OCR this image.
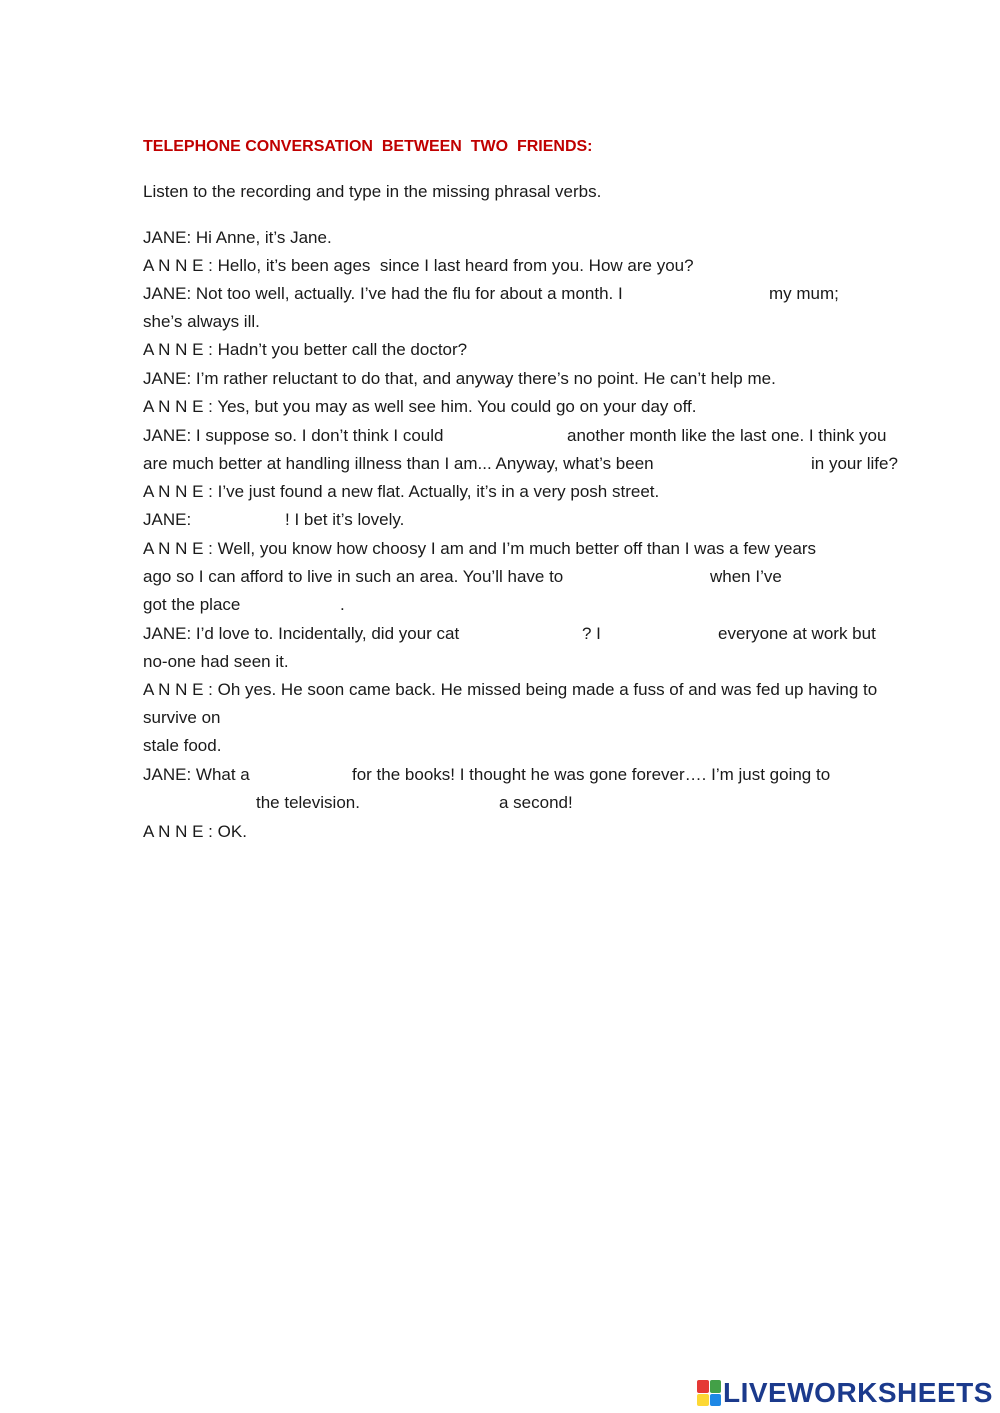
TELEPHONE CONVERSATION  BETWEEN  TWO  FRIENDS:
Listen to the recording and type in the missing phrasal verbs.
JANE: Hi Anne, it’s Jane.
A N N E : Hello, it’s been ages  since I last heard from you. How are you?
JANE: Not too well, actually. I’ve had the flu for about a month. I	my mum;
she’s always ill.
A N N E : Hadn’t you better call the doctor?
JANE: I’m rather reluctant to do that, and anyway there’s no point. He can’t help me.
A N N E : Yes, but you may as well see him. You could go on your day off.
JANE: I suppose so. I don’t think I could	another month like the last one. I think you
are much better at handling illness than I am... Anyway, what’s been	in your life?
A N N E : I’ve just found a new flat. Actually, it’s in a very posh street.
JANE:	! I bet it’s lovely.
A N N E : Well, you know how choosy I am and I’m much better off than I was a few years
ago so I can afford to live in such an area. You’ll have to	when I’ve
got the place	.
JANE: I’d love to. Incidentally, did your cat	? I	everyone at work but
no-one had seen it.
A N N E : Oh yes. He soon came back. He missed being made a fuss of and was fed up having to
survive on
stale food.
JANE: What a	for the books! I thought he was gone forever…. I’m just going to
the television.	a second!
A N N E : OK.
LIVEWORKSHEETS
